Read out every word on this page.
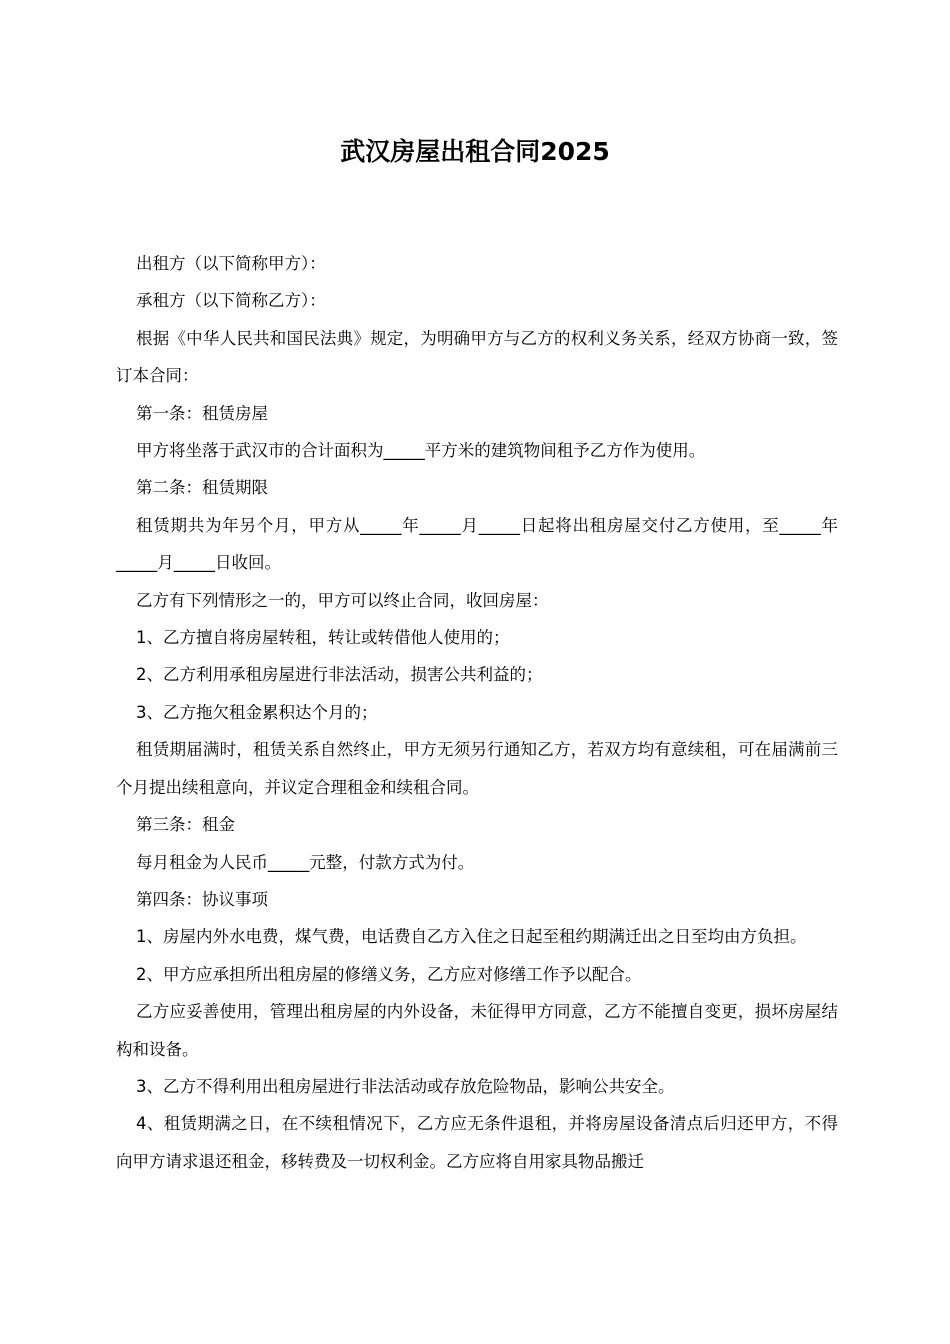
武汉房屋出租合同2025

出租方（以下简称甲方）：

承租方（以下简称乙方）：

根据《中华人民共和国民法典》规定，为明确甲方与乙方的权利义务关系，经双方协商一致，签订本合同：

第一条：租赁房屋

甲方将坐落于武汉市的合计面积为_____平方米的建筑物间租予乙方作为使用。

第二条：租赁期限

租赁期共为年另个月，甲方从_____年_____月_____日起将出租房屋交付乙方使用，至_____年_____月_____日收回。

乙方有下列情形之一的，甲方可以终止合同，收回房屋：

1、乙方擅自将房屋转租，转让或转借他人使用的；

2、乙方利用承租房屋进行非法活动，损害公共利益的；

3、乙方拖欠租金累积达个月的；

租赁期届满时，租赁关系自然终止，甲方无须另行通知乙方，若双方均有意续租，可在届满前三个月提出续租意向，并议定合理租金和续租合同。

第三条：租金

每月租金为人民币_____元整，付款方式为付。

第四条：协议事项

1、房屋内外水电费，煤气费，电话费自乙方入住之日起至租约期满迁出之日至均由方负担。

2、甲方应承担所出租房屋的修缮义务，乙方应对修缮工作予以配合。

乙方应妥善使用，管理出租房屋的内外设备，未征得甲方同意，乙方不能擅自变更，损坏房屋结构和设备。

3、乙方不得利用出租房屋进行非法活动或存放危险物品，影响公共安全。

4、租赁期满之日，在不续租情况下，乙方应无条件退租，并将房屋设备清点后归还甲方，不得向甲方请求退还租金，移转费及一切权利金。乙方应将自用家具物品搬迁
